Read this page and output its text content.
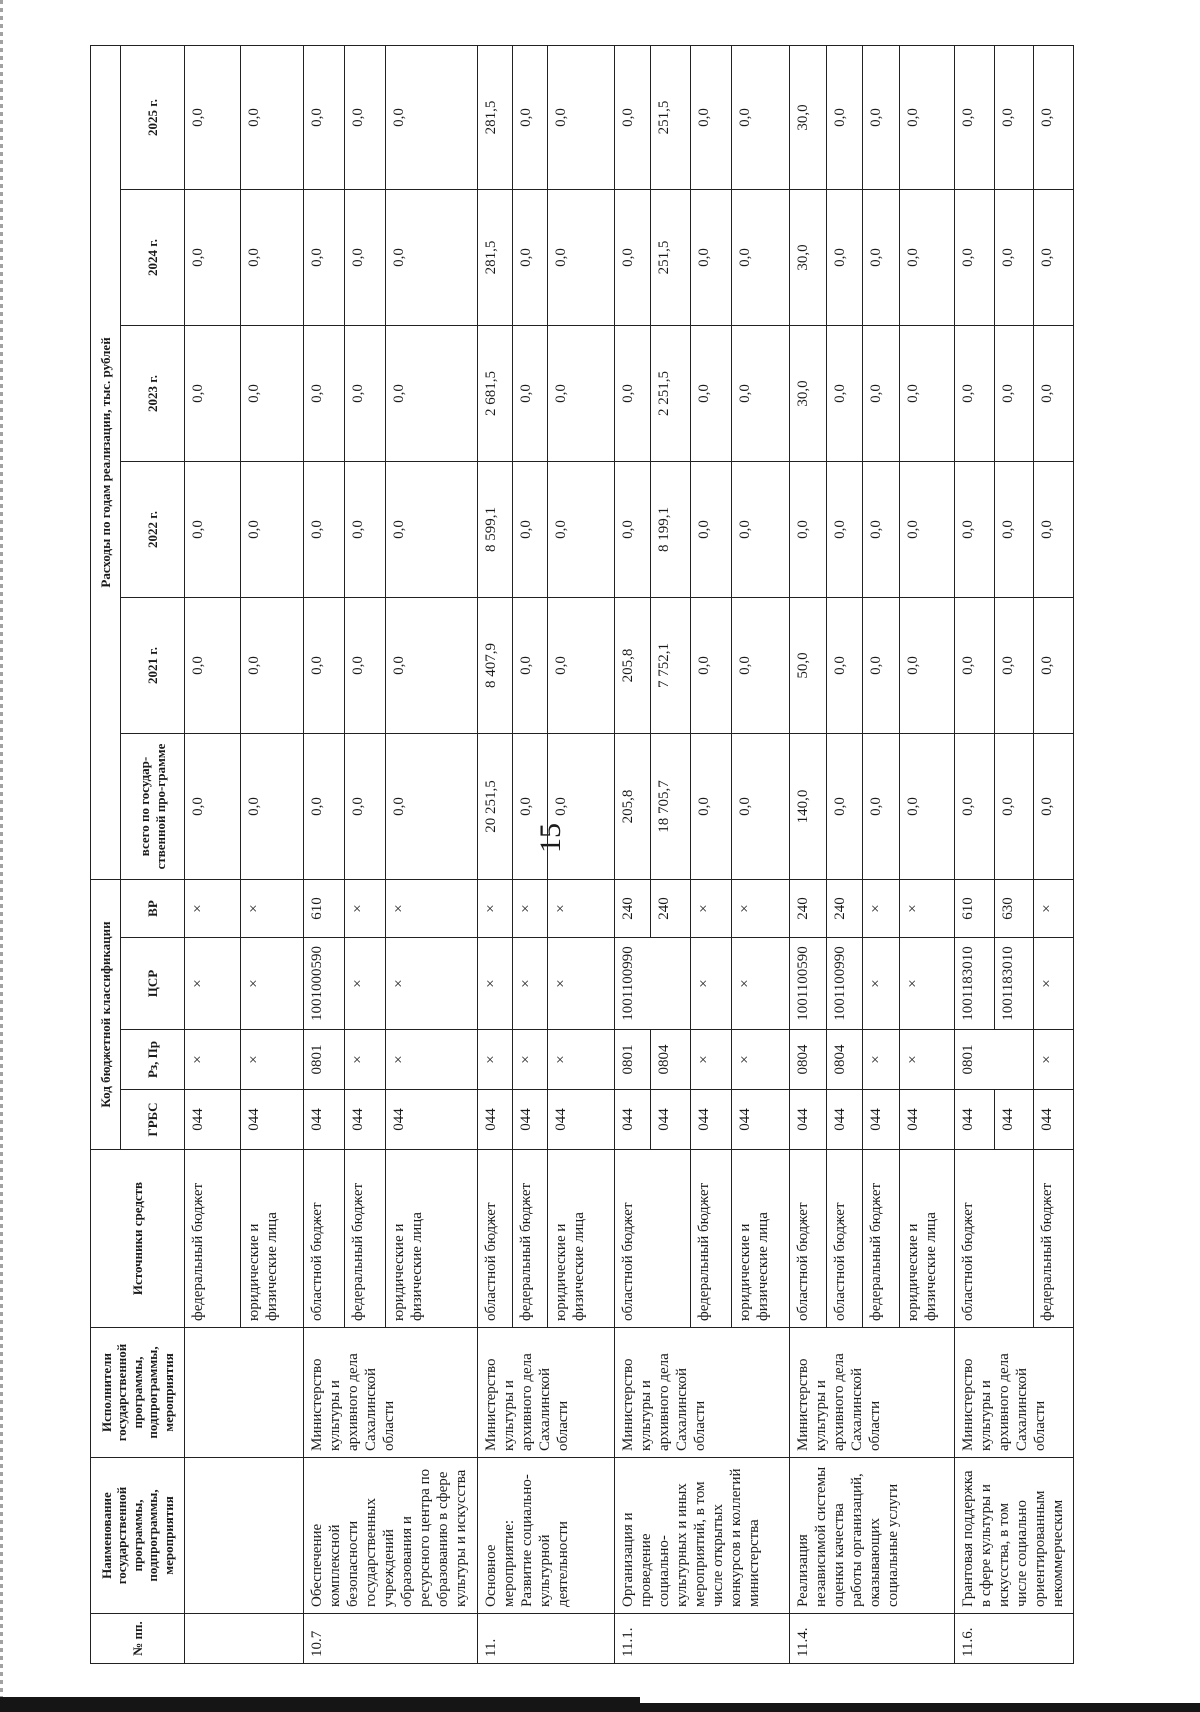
15
№ пп.	Наименование государственной программы, подпрограммы, мероприятия	Исполнители государственной программы, подпрограммы, мероприятия	Источники средств	Код бюджетной классификации				Расходы по годам реализации, тыс. рублей					
				ГРБС	Рз, Пр	ЦСР	ВР	всего по государ-ственной про-грамме	2021 г.	2022 г.	2023 г.	2024 г.	2025 г.
			федеральный бюджет	044	×	×	×	0,0	0,0	0,0	0,0	0,0	0,0
			юридические и физические лица	044	×	×	×	0,0	0,0	0,0	0,0	0,0	0,0
10.7	Обеспечение комплексной безопасности государственных учреждений образования и ресурсного центра по образованию в сфере культуры и искусства	Министерство культуры и архивного дела Сахалинской области	областной бюджет	044	0801	1001000590	610	0,0	0,0	0,0	0,0	0,0	0,0
			федеральный бюджет	044	×	×	×	0,0	0,0	0,0	0,0	0,0	0,0
			юридические и физические лица	044	×	×	×	0,0	0,0	0,0	0,0	0,0	0,0
11.	Основное мероприятие: Развитие социально-культурной деятельности	Министерство культуры и архивного дела Сахалинской области	областной бюджет	044	×	×	×	20 251,5	8 407,9	8 599,1	2 681,5	281,5	281,5
			федеральный бюджет	044	×	×	×	0,0	0,0	0,0	0,0	0,0	0,0
			юридические и физические лица	044	×	×	×	0,0	0,0	0,0	0,0	0,0	0,0
11.1.	Организация и проведение социально-культурных и иных мероприятий, в том числе открытых конкурсов и коллегий министерства	Министерство культуры и архивного дела Сахалинской области	областной бюджет	044	0801	1001100990	240	205,8	205,8	0,0	0,0	0,0	0,0
				044	0804		240	18 705,7	7 752,1	8 199,1	2 251,5	251,5	251,5
			федеральный бюджет	044	×	×	×	0,0	0,0	0,0	0,0	0,0	0,0
			юридические и физические лица	044	×	×	×	0,0	0,0	0,0	0,0	0,0	0,0
11.4.	Реализация независимой системы оценки качества работы организаций, оказывающих социальные услуги	Министерство культуры и архивного дела Сахалинской области	областной бюджет	044	0804	1001100590	240	140,0	50,0	0,0	30,0	30,0	30,0
			областной бюджет	044	0804	1001100990	240	0,0	0,0	0,0	0,0	0,0	0,0
			федеральный бюджет	044	×	×	×	0,0	0,0	0,0	0,0	0,0	0,0
			юридические и физические лица	044	×	×	×	0,0	0,0	0,0	0,0	0,0	0,0
11.6.	Грантовая поддержка в сфере культуры и искусства, в том числе социально ориентированным некоммерческим	Министерство культуры и архивного дела Сахалинской области	областной бюджет	044	0801	1001183010	610	0,0	0,0	0,0	0,0	0,0	0,0
				044		1001183010	630	0,0	0,0	0,0	0,0	0,0	0,0
			федеральный бюджет	044	×	×	×	0,0	0,0	0,0	0,0	0,0	0,0
